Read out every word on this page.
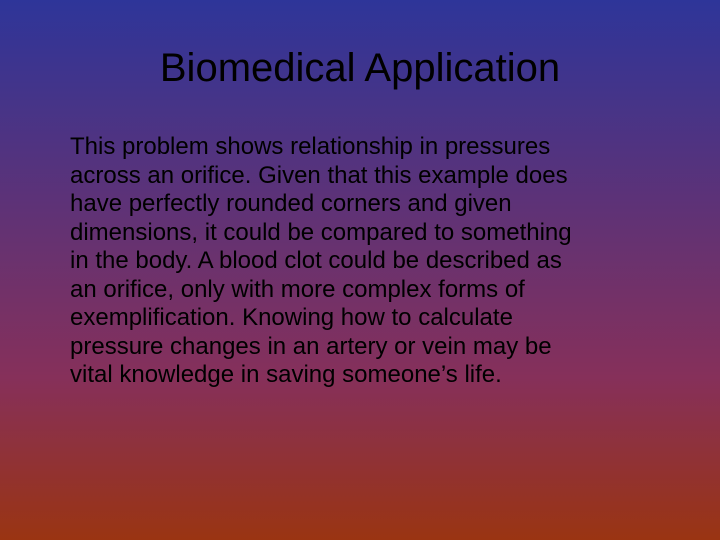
Biomedical Application

This problem shows relationship in pressures
across an orifice. Given that this example does
have perfectly rounded corners and given
dimensions, it could be compared to something
in the body. A blood clot could be described as
an orifice, only with more complex forms of
exemplification. Knowing how to calculate
pressure changes in an artery or vein may be
vital knowledge in saving someone’s life.
